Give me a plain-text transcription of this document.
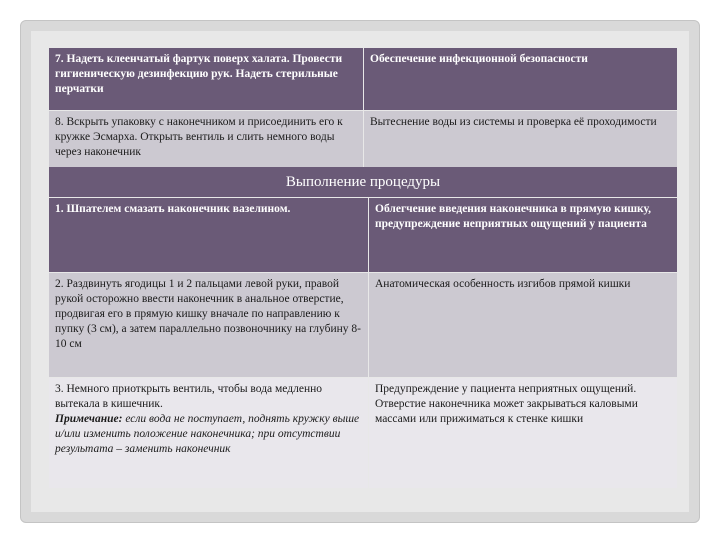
7. Надеть клеенчатый фартук поверх халата. Провести гигиеническую дезинфекцию рук. Надеть стерильные перчатки
Обеспечение инфекционной безопасности
8. Вскрыть упаковку с наконечником и присоединить его к кружке Эсмарха. Открыть вентиль и слить немного воды через наконечник
Вытеснение воды из системы и проверка её проходимости
Выполнение процедуры
1. Шпателем смазать наконечник вазелином.	Облегчение введения наконечника в прямую кишку, предупреждение неприятных ощущений у пациента
2. Раздвинуть ягодицы 1 и 2 пальцами левой руки, правой рукой осторожно ввести наконечник в анальное отверстие, продвигая его в прямую кишку вначале по направлению к пупку (3 см), а затем параллельно позвоночнику на глубину 8-10 см
Анатомическая особенность изгибов прямой кишки
3. Немного приоткрыть вентиль, чтобы вода медленно вытекала в кишечник.
Примечание: если вода не поступает, поднять кружку выше и/или изменить положение наконечника; при отсутствии результата – заменить наконечник
Предупреждение у пациента неприятных ощущений. Отверстие наконечника может закрываться каловыми массами или прижиматься к стенке кишки
